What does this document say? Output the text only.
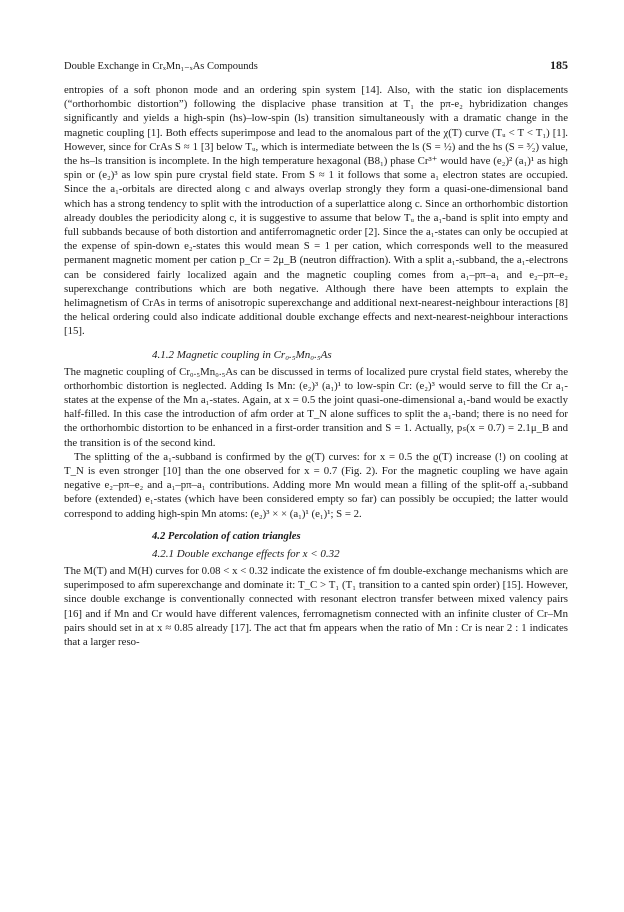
Double Exchange in CrₓMn₁₋ₓAs Compounds	185

entropies of a soft phonon mode and an ordering spin system [14]. Also, with the static ion displacements (“orthorhombic distortion”) following the displacive phase transition at T₁ the pπ-e₂ hybridization changes significantly and yields a high-spin (hs)–low-spin (ls) transition simultaneously with a dramatic change in the magnetic coupling [1]. Both effects superimpose and lead to the anomalous part of the χ(T) curve (Tᵤ < T < T₁) [1]. However, since for CrAs S ≈ 1 [3] below Tᵤ, which is intermediate between the ls (S = ½) and the hs (S = ³⁄₂) value, the hs–ls transition is incomplete. In the high temperature hexagonal (B8₁) phase Cr³⁺ would have (e₂)² (a₁)¹ as high spin or (e₂)³ as low spin pure crystal field state. From S ≈ 1 it follows that some a₁ electron states are occupied. Since the a₁-orbitals are directed along c and always overlap strongly they form a quasi-one-dimensional band which has a strong tendency to split with the introduction of a superlattice along c. Since an orthorhombic distortion already doubles the periodicity along c, it is suggestive to assume that below Tᵤ the a₁-band is split into empty and full subbands because of both distortion and antiferromagnetic order [2]. Since the a₁-states can only be occupied at the expense of spin-down e₂-states this would mean S = 1 per cation, which corresponds well to the measured permanent magnetic moment per cation p_Cr = 2μ_B (neutron diffraction). With a split a₁-subband, the a₁-electrons can be considered fairly localized again and the magnetic coupling comes from a₁–pπ–a₁ and e₂–pπ–e₂ superexchange contributions which are both negative. Although there have been attempts to explain the helimagnetism of CrAs in terms of anisotropic superexchange and additional next-nearest-neighbour interactions [8] the helical ordering could also indicate additional double exchange effects and next-nearest-neighbour interactions [15].

4.1.2 Magnetic coupling in Cr₀.₅Mn₀.₅As

The magnetic coupling of Cr₀.₅Mn₀.₅As can be discussed in terms of localized pure crystal field states, whereby the orthorhombic distortion is neglected. Adding Is Mn: (e₂)³ (a₁)¹ to low-spin Cr: (e₂)³ would serve to fill the Cr a₁-states at the expense of the Mn a₁-states. Again, at x = 0.5 the joint quasi-one-dimensional a₁-band would be exactly half-filled. In this case the introduction of afm order at T_N alone suffices to split the a₁-band; there is no need for the orthorhombic distortion to be enhanced in a first-order transition and S = 1. Actually, pₛ(x = 0.7) = 2.1μ_B and the transition is of the second kind.

The splitting of the a₁-subband is confirmed by the ϱ(T) curves: for x = 0.5 the ϱ(T) increase (!) on cooling at T_N is even stronger [10] than the one observed for x = 0.7 (Fig. 2). For the magnetic coupling we have again negative e₂–pπ–e₂ and a₁–pπ–a₁ contributions. Adding more Mn would mean a filling of the split-off a₁-subband before (extended) e₁-states (which have been considered empty so far) can possibly be occupied; the latter would correspond to adding high-spin Mn atoms: (e₂)³ × × (a₁)¹ (e₁)¹; S = 2.

4.2 Percolation of cation triangles
4.2.1 Double exchange effects for x < 0.32

The M(T) and M(H) curves for 0.08 < x < 0.32 indicate the existence of fm double-exchange mechanisms which are superimposed to afm superexchange and dominate it: T_C > T₁ (T₁ transition to a canted spin order) [15]. However, since double exchange is conventionally connected with resonant electron transfer between mixed valency pairs [16] and if Mn and Cr would have different valences, ferromagnetism connected with an infinite cluster of Cr–Mn pairs should set in at x ≈ 0.85 already [17]. The act that fm appears when the ratio of Mn : Cr is near 2 : 1 indicates that a larger reso-
